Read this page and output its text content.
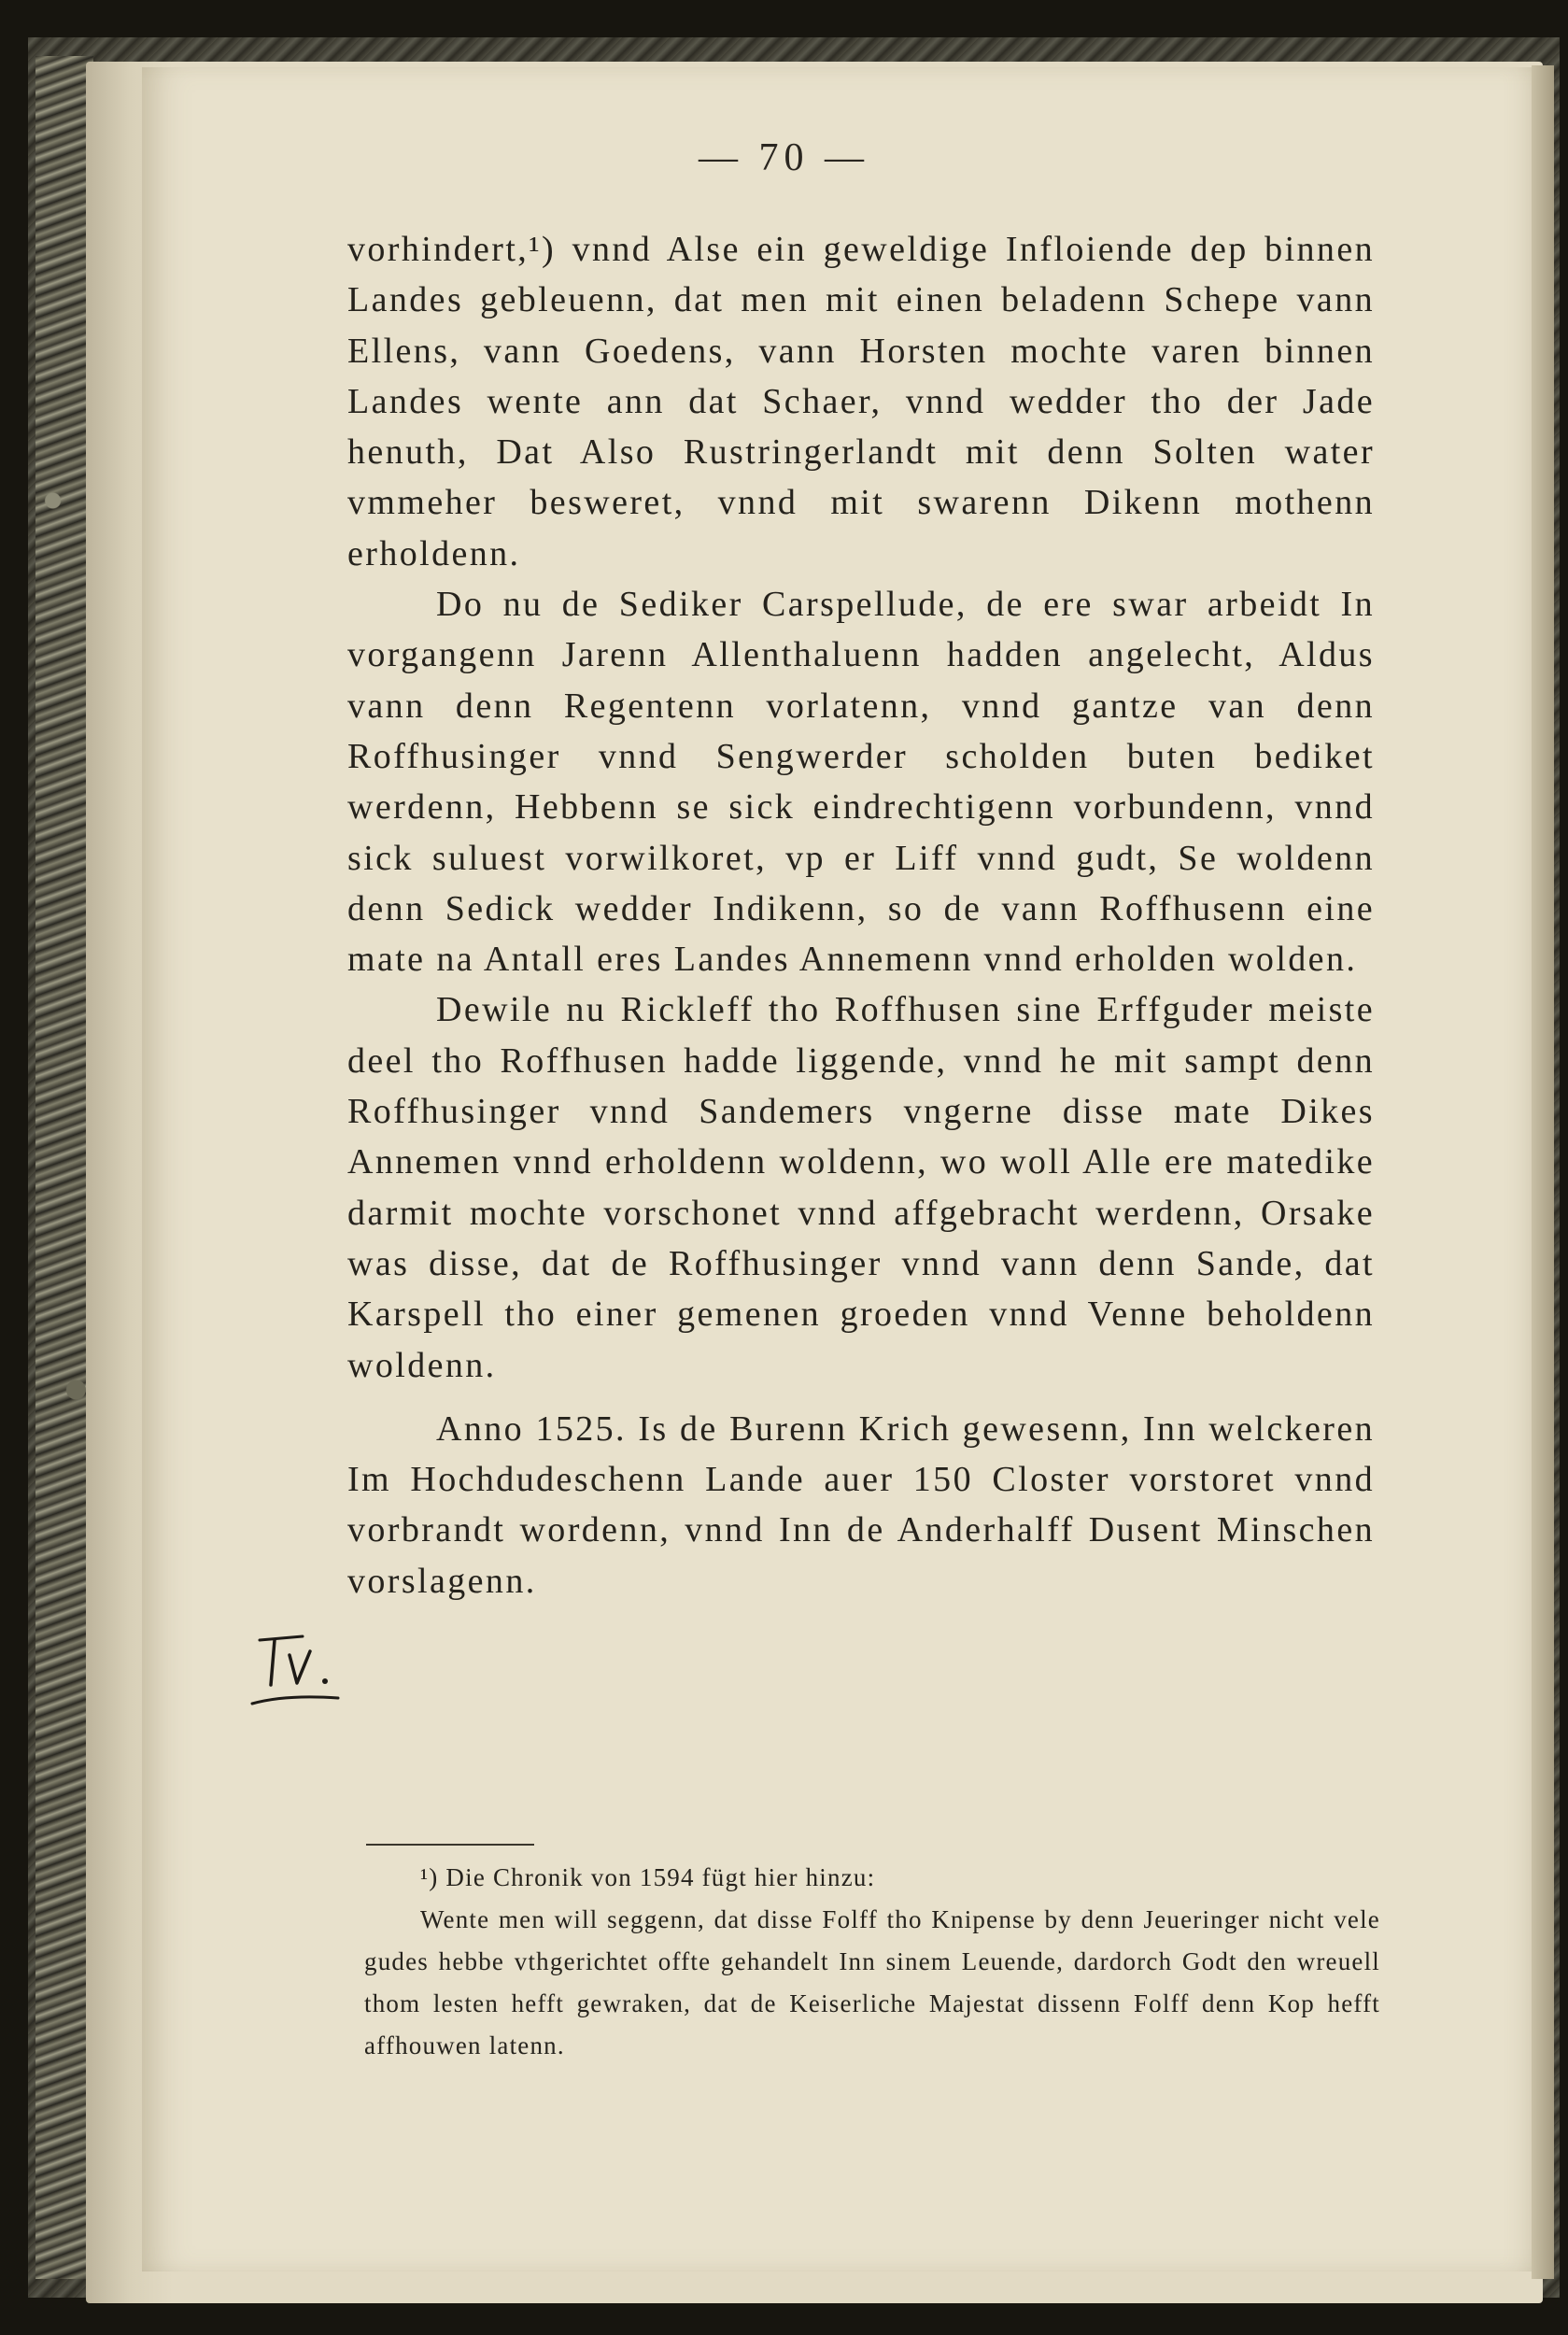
— 70 —

vorhindert,¹) vnnd Alse ein geweldige Infloiende dep binnen Landes gebleuenn, dat men mit einen beladenn Schepe vann Ellens, vann Goedens, vann Horsten mochte varen binnen Landes wente ann dat Schaer, vnnd wedder tho der Jade henuth, Dat Also Rustringerlandt mit denn Solten water vmmeher besweret, vnnd mit swarenn Dikenn mothenn erholdenn.

Do nu de Sediker Carspellude, de ere swar arbeidt In vorgangenn Jarenn Allenthaluenn hadden angelecht, Aldus vann denn Regentenn vorlatenn, vnnd gantze van denn Roffhusinger vnnd Sengwerder scholden buten bediket werdenn, Hebbenn se sick eindrechtigenn vorbundenn, vnnd sick suluest vorwilkoret, vp er Liff vnnd gudt, Se woldenn denn Sedick wedder Indikenn, so de vann Roffhusenn eine mate na Antall eres Landes Annemenn vnnd erholden wolden.

Dewile nu Rickleff tho Roffhusen sine Erffguder meiste deel tho Roffhusen hadde liggende, vnnd he mit sampt denn Roffhusinger vnnd Sandemers vngerne disse mate Dikes Annemen vnnd erholdenn woldenn, wo woll Alle ere matedike darmit mochte vorschonet vnnd affgebracht werdenn, Orsake was disse, dat de Roffhusinger vnnd vann denn Sande, dat Karspell tho einer gemenen groeden vnnd Venne beholdenn woldenn.

Anno 1525. Is de Burenn Krich gewesenn, Inn welckeren Im Hochdudeschenn Lande auer 150 Closter vorstoret vnnd vorbrandt wordenn, vnnd Inn de Anderhalff Dusent Minschen vorslagenn.

¹) Die Chronik von 1594 fügt hier hinzu:

Wente men will seggenn, dat disse Folff tho Knipense by denn Jeueringer nicht vele gudes hebbe vthgerichtet offte gehandelt Inn sinem Leuende, dardorch Godt den wreuell thom lesten hefft gewraken, dat de Keiserliche Majestat dissenn Folff denn Kop hefft affhouwen latenn.
